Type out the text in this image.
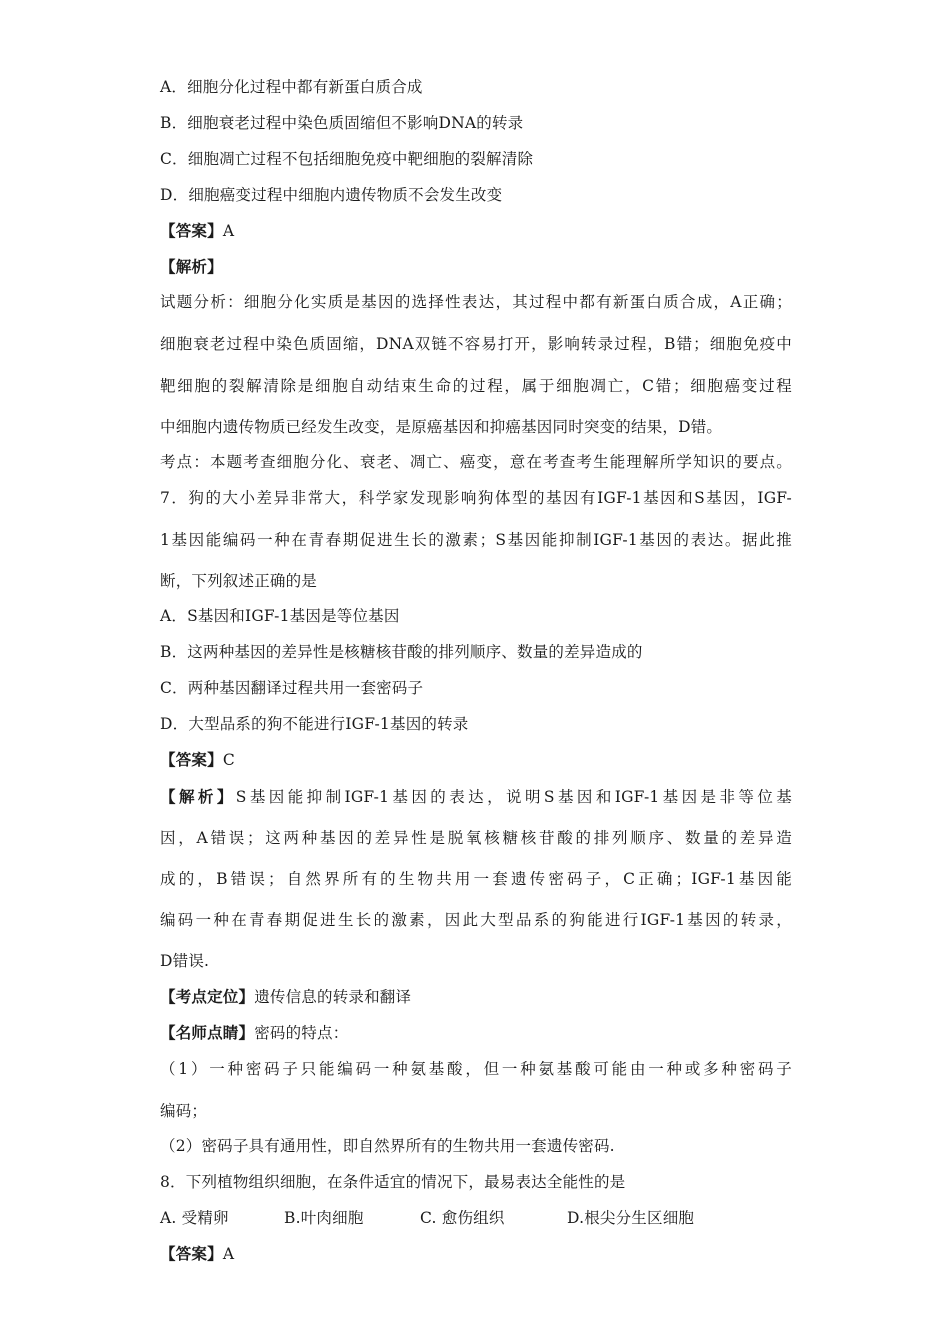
A．细胞分化过程中都有新蛋白质合成
B．细胞衰老过程中染色质固缩但不影响DNA的转录
C．细胞凋亡过程不包括细胞免疫中靶细胞的裂解清除
D．细胞癌变过程中细胞内遗传物质不会发生改变
【答案】A
【解析】
试题分析：细胞分化实质是基因的选择性表达，其过程中都有新蛋白质合成，A正确；
细胞衰老过程中染色质固缩，DNA双链不容易打开，影响转录过程，B错；细胞免疫中
靶细胞的裂解清除是细胞自动结束生命的过程，属于细胞凋亡，C错；细胞癌变过程
中细胞内遗传物质已经发生改变，是原癌基因和抑癌基因同时突变的结果，D错。
考点：本题考查细胞分化、衰老、凋亡、癌变，意在考查考生能理解所学知识的要点。
7．狗的大小差异非常大，科学家发现影响狗体型的基因有IGF-1基因和S基因，IGF-
1基因能编码一种在青春期促进生长的激素；S基因能抑制IGF-1基因的表达。据此推
断，下列叙述正确的是
A．S基因和IGF-1基因是等位基因
B．这两种基因的差异性是核糖核苷酸的排列顺序、数量的差异造成的
C．两种基因翻译过程共用一套密码子
D．大型品系的狗不能进行IGF-1基因的转录
【答案】C
【解析】S基因能抑制IGF-1基因的表达，说明S基因和IGF-1基因是非等位基
因，A错误；这两种基因的差异性是脱氧核糖核苷酸的排列顺序、数量的差异造
成的，B错误；自然界所有的生物共用一套遗传密码子，C正确；IGF-1基因能
编码一种在青春期促进生长的激素，因此大型品系的狗能进行IGF-1基因的转录，
D错误.
【考点定位】遗传信息的转录和翻译
【名师点睛】密码的特点：
（1）一种密码子只能编码一种氨基酸，但一种氨基酸可能由一种或多种密码子
编码；
（2）密码子具有通用性，即自然界所有的生物共用一套遗传密码.
8．下列植物组织细胞，在条件适宜的情况下，最易表达全能性的是
A. 受精卵	B.叶肉细胞	C. 愈伤组织	D.根尖分生区细胞
【答案】A
